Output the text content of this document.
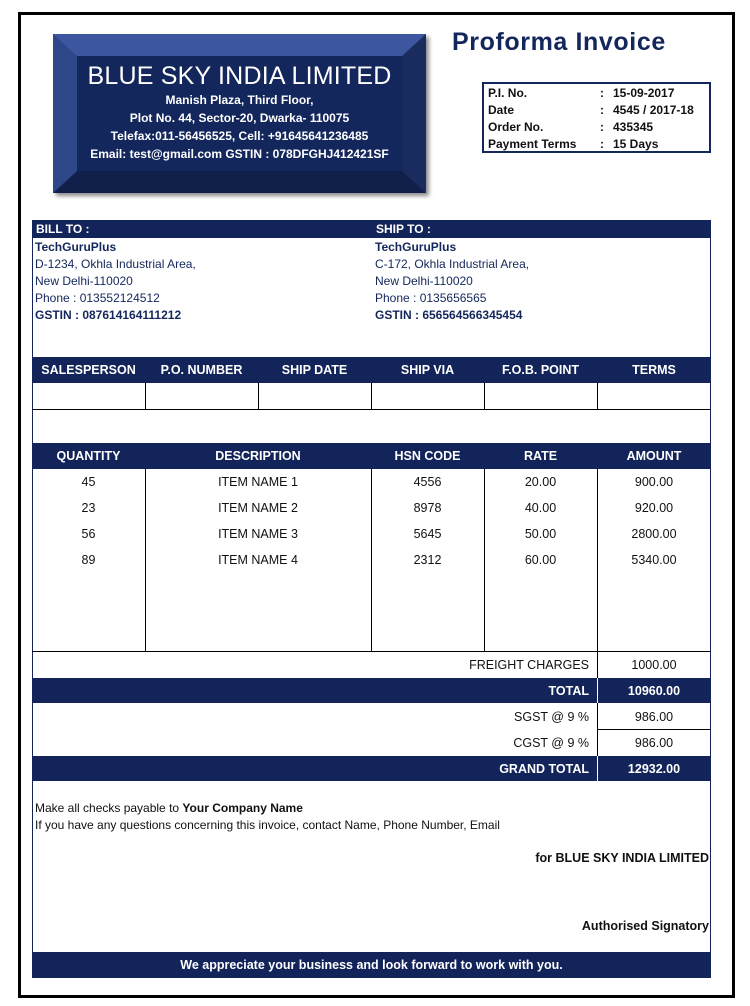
BLUE SKY INDIA LIMITED
Manish Plaza, Third Floor,
Plot No. 44, Sector-20, Dwarka- 110075
Telefax:011-56456525, Cell: +91645641236485
Email: test@gmail.com GSTIN : 078DFGHJ412421SF
Proforma Invoice
P.I. No.	: 15-09-2017
Date	: 4545 / 2017-18
Order No.	: 435345
Payment Terms	: 15 Days
BILL TO :	SHIP TO :
TechGuruPlus
D-1234, Okhla Industrial Area,
New Delhi-110020
Phone : 013552124512
GSTIN : 087614164111212
TechGuruPlus
C-172, Okhla Industrial Area,
New Delhi-110020
Phone : 0135656565
GSTIN : 656564566345454
SALESPERSON	P.O. NUMBER	SHIP DATE	SHIP VIA	F.O.B. POINT	TERMS
QUANTITY	DESCRIPTION	HSN CODE	RATE	AMOUNT
45	ITEM NAME 1	4556	20.00	900.00
23	ITEM NAME 2	8978	40.00	920.00
56	ITEM NAME 3	5645	50.00	2800.00
89	ITEM NAME 4	2312	60.00	5340.00
FREIGHT CHARGES	1000.00
TOTAL	10960.00
SGST @ 9 %	986.00
CGST @ 9 %	986.00
GRAND TOTAL	12932.00
Make all checks payable to Your Company Name
If you have any questions concerning this invoice, contact Name, Phone Number, Email
for BLUE SKY INDIA LIMITED
Authorised Signatory
We appreciate your business and look forward to work with you.
